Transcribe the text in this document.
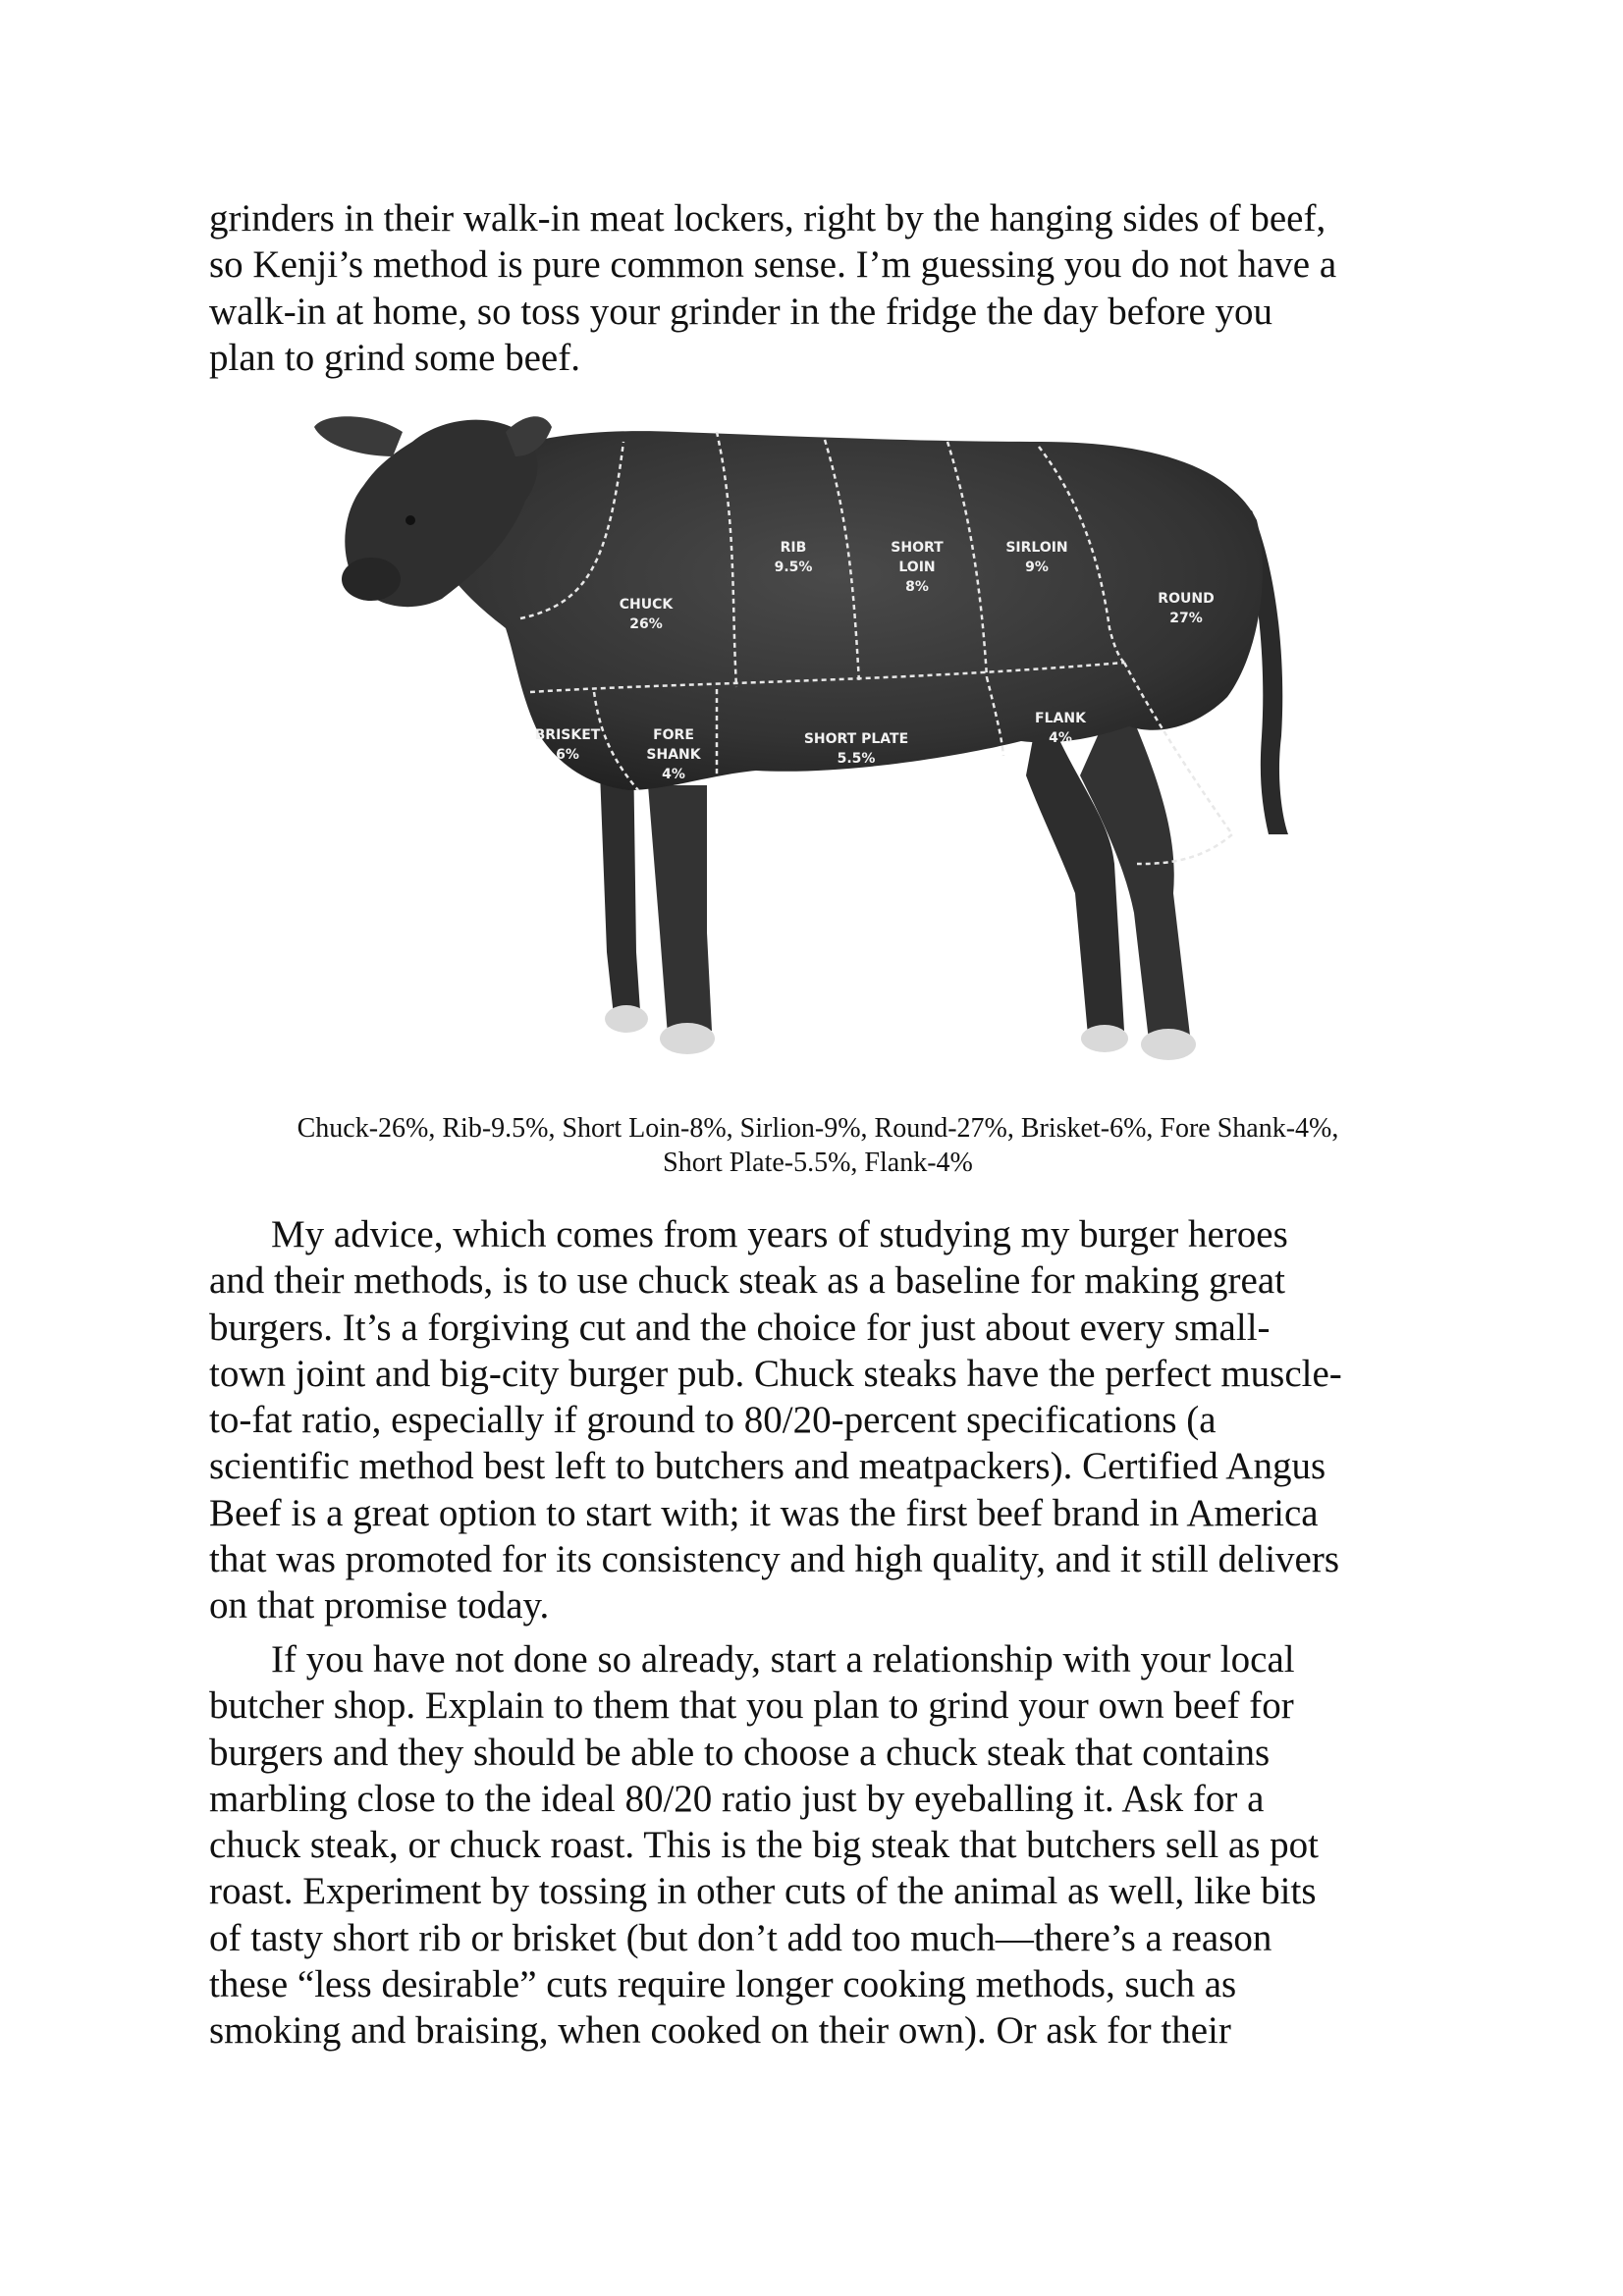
grinders in their walk-in meat lockers, right by the hanging sides of beef,
so Kenji’s method is pure common sense. I’m guessing you do not have a
walk-in at home, so toss your grinder in the fridge the day before you
plan to grind some beef.
CHUCK 26%
RIB 9.5%
SHORT LOIN 8%
SIRLOIN 9%
ROUND 27%
BRISKET 6%
FORE SHANK 4%
SHORT PLATE 5.5%
FLANK 4%
Chuck-26%, Rib-9.5%, Short Loin-8%, Sirlion-9%, Round-27%, Brisket-6%, Fore Shank-4%,
Short Plate-5.5%, Flank-4%
My advice, which comes from years of studying my burger heroes
and their methods, is to use chuck steak as a baseline for making great
burgers. It’s a forgiving cut and the choice for just about every small-
town joint and big-city burger pub. Chuck steaks have the perfect muscle-
to-fat ratio, especially if ground to 80/20-percent specifications (a
scientific method best left to butchers and meatpackers). Certified Angus
Beef is a great option to start with; it was the first beef brand in America
that was promoted for its consistency and high quality, and it still delivers
on that promise today.
If you have not done so already, start a relationship with your local
butcher shop. Explain to them that you plan to grind your own beef for
burgers and they should be able to choose a chuck steak that contains
marbling close to the ideal 80/20 ratio just by eyeballing it. Ask for a
chuck steak, or chuck roast. This is the big steak that butchers sell as pot
roast. Experiment by tossing in other cuts of the animal as well, like bits
of tasty short rib or brisket (but don’t add too much—there’s a reason
these “less desirable” cuts require longer cooking methods, such as
smoking and braising, when cooked on their own). Or ask for their
